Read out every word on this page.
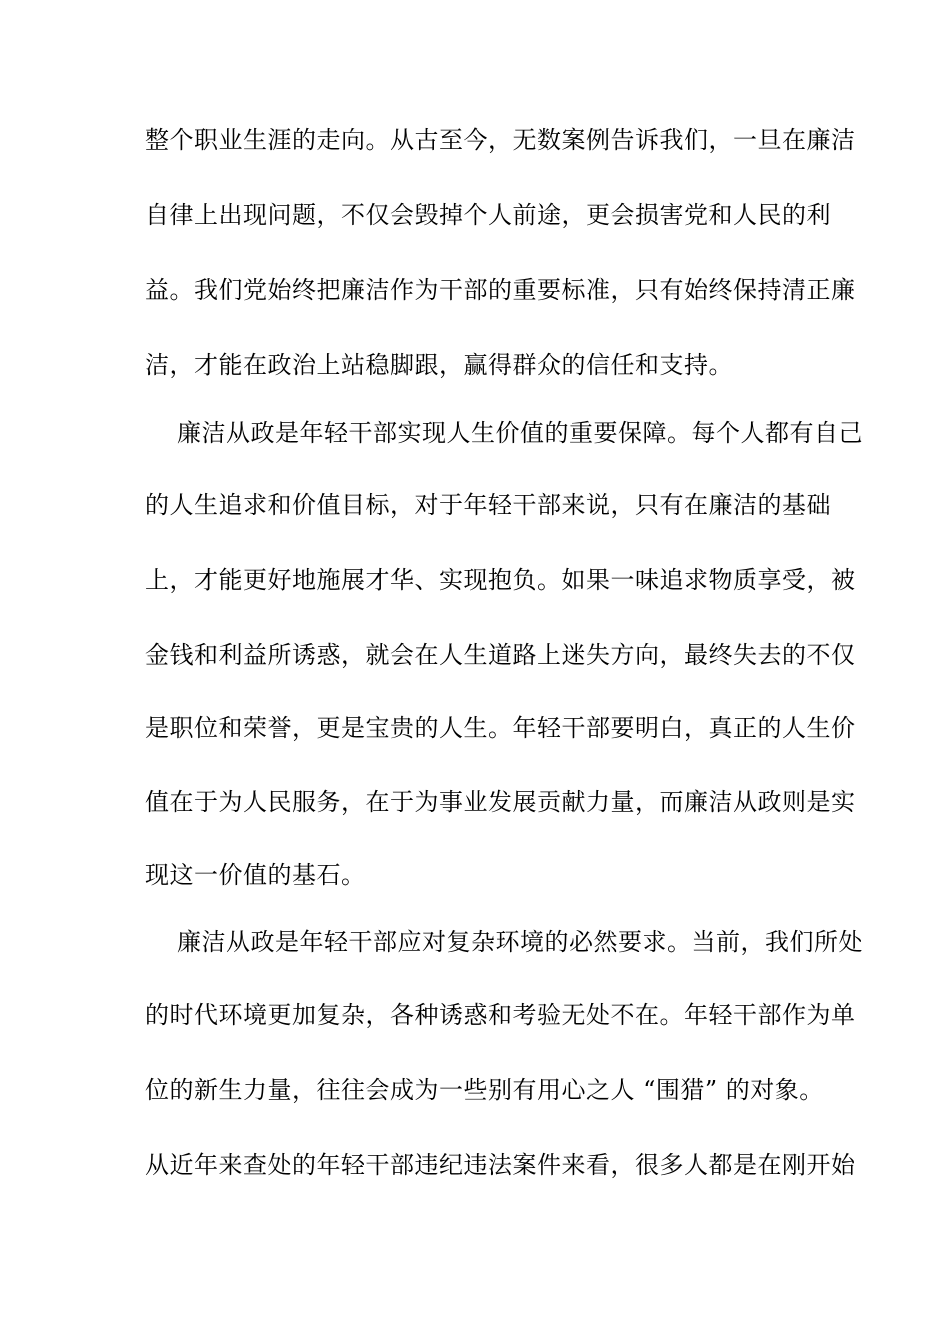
整个职业生涯的走向。从古至今，无数案例告诉我们，一旦在廉洁
自律上出现问题，不仅会毁掉个人前途，更会损害党和人民的利
益。我们党始终把廉洁作为干部的重要标准，只有始终保持清正廉
洁，才能在政治上站稳脚跟，赢得群众的信任和支持。
廉洁从政是年轻干部实现人生价值的重要保障。每个人都有自己
的人生追求和价值目标，对于年轻干部来说，只有在廉洁的基础
上，才能更好地施展才华、实现抱负。如果一味追求物质享受，被
金钱和利益所诱惑，就会在人生道路上迷失方向，最终失去的不仅
是职位和荣誉，更是宝贵的人生。年轻干部要明白，真正的人生价
值在于为人民服务，在于为事业发展贡献力量，而廉洁从政则是实
现这一价值的基石。
廉洁从政是年轻干部应对复杂环境的必然要求。当前，我们所处
的时代环境更加复杂，各种诱惑和考验无处不在。年轻干部作为单
位的新生力量，往往会成为一些别有用心之人 “围猎” 的对象。
从近年来查处的年轻干部违纪违法案件来看，很多人都是在刚开始
